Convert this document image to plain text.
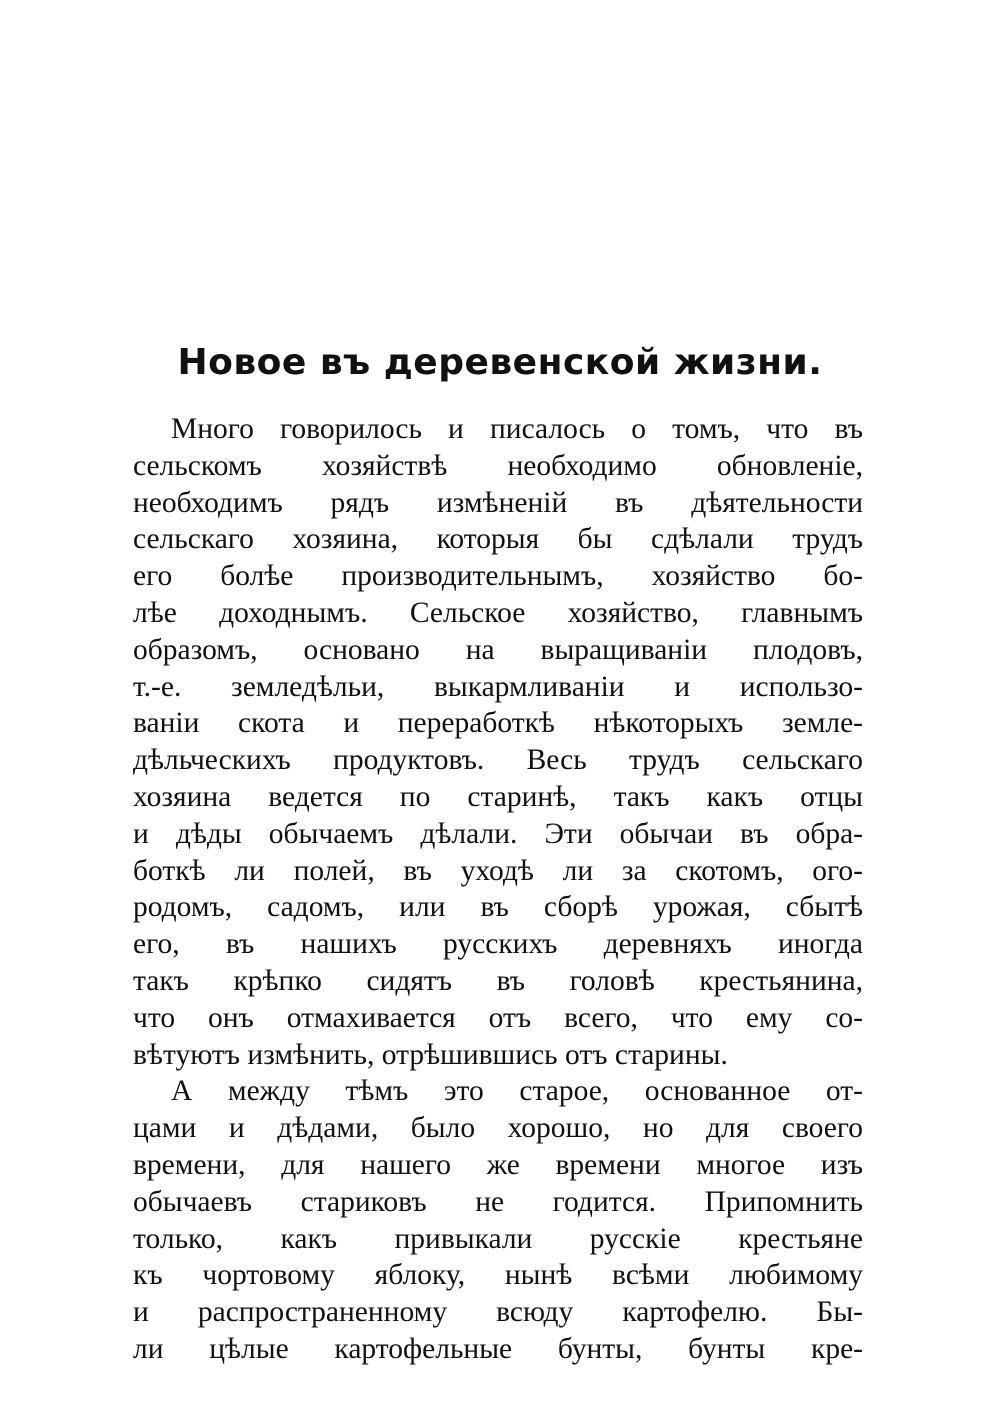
Новое въ деревенской жизни.
Много говорилось и писалось о томъ, что въ
сельскомъ хозяйствѣ необходимо обновленіе,
необходимъ рядъ измѣненій въ дѣятельности
сельскаго хозяина, которыя бы сдѣлали трудъ
его болѣе производительнымъ, хозяйство бо-
лѣе доходнымъ. Сельское хозяйство, главнымъ
образомъ, основано на выращиваніи плодовъ,
т.-е. земледѣльи, выкармливаніи и использо-
ваніи скота и переработкѣ нѣкоторыхъ земле-
дѣльческихъ продуктовъ. Весь трудъ сельскаго
хозяина ведется по старинѣ, такъ какъ отцы
и дѣды обычаемъ дѣлали. Эти обычаи въ обра-
боткѣ ли полей, въ уходѣ ли за скотомъ, ого-
родомъ, садомъ, или въ сборѣ урожая, сбытѣ
его, въ нашихъ русскихъ деревняхъ иногда
такъ крѣпко сидятъ въ головѣ крестьянина,
что онъ отмахивается отъ всего, что ему со-
вѣтуютъ измѣнить, отрѣшившись отъ старины.
А между тѣмъ это старое, основанное от-
цами и дѣдами, было хорошо, но для своего
времени, для нашего же времени многое изъ
обычаевъ стариковъ не годится. Припомнить
только, какъ привыкали русскіе крестьяне
къ чортовому яблоку, нынѣ всѣми любимому
и распространенному всюду картофелю. Бы-
ли цѣлые картофельные бунты, бунты кре-
